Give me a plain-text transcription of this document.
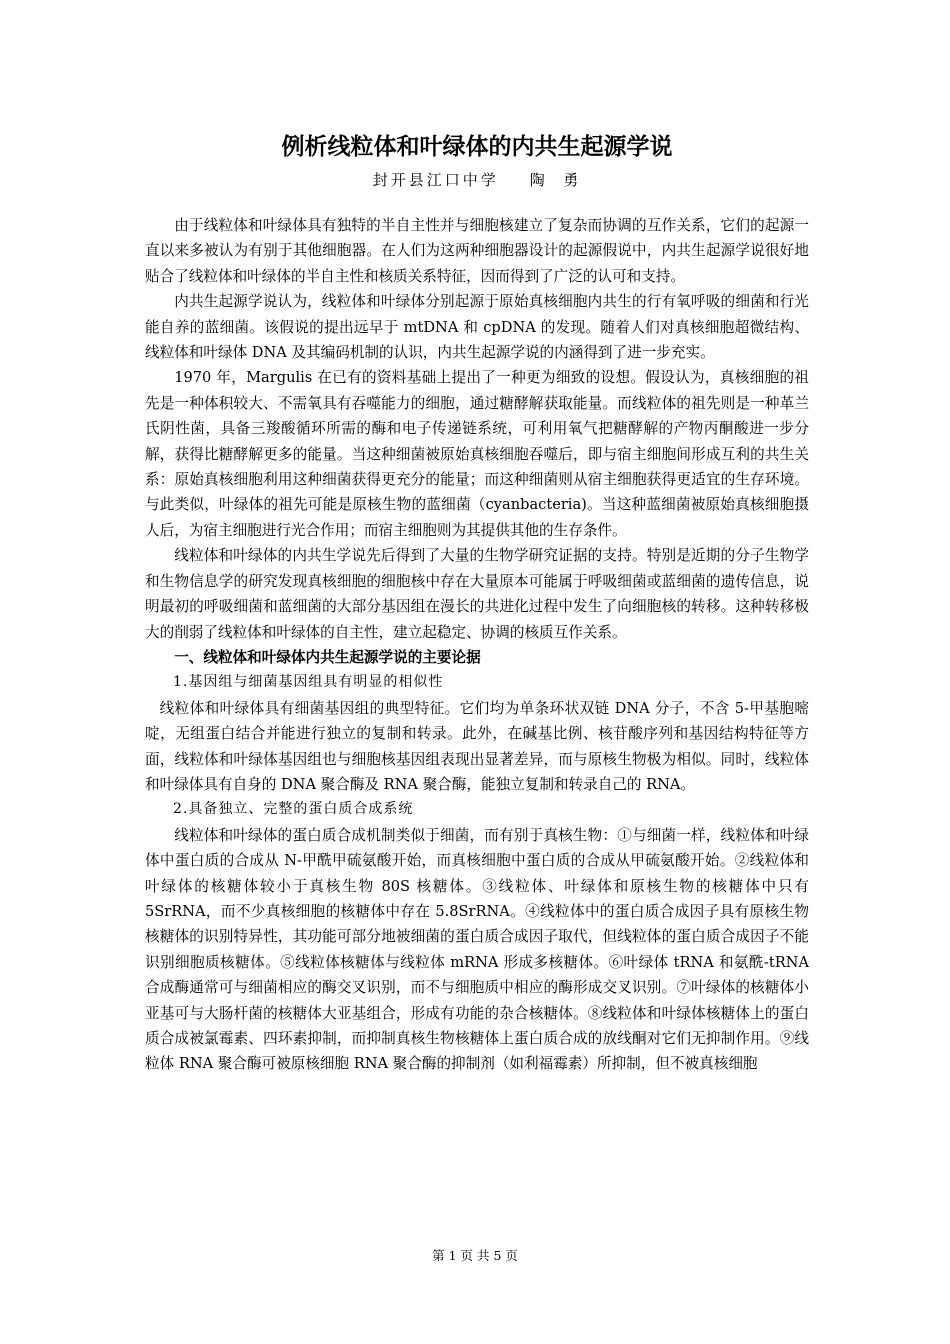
例析线粒体和叶绿体的内共生起源学说
封开县江口中学    陶  勇

由于线粒体和叶绿体具有独特的半自主性并与细胞核建立了复杂而协调的互作关系，它们的起源一直以来多被认为有别于其他细胞器。在人们为这两种细胞器设计的起源假说中，内共生起源学说很好地贴合了线粒体和叶绿体的半自主性和核质关系特征，因而得到了广泛的认可和支持。

内共生起源学说认为，线粒体和叶绿体分别起源于原始真核细胞内共生的行有氧呼吸的细菌和行光能自养的蓝细菌。该假说的提出远早于 mtDNA 和 cpDNA 的发现。随着人们对真核细胞超微结构、线粒体和叶绿体 DNA 及其编码机制的认识，内共生起源学说的内涵得到了进一步充实。

1970 年，Margulis 在已有的资料基础上提出了一种更为细致的设想。假设认为，真核细胞的祖先是一种体积较大、不需氧具有吞噬能力的细胞，通过糖酵解获取能量。而线粒体的祖先则是一种革兰氏阴性菌，具备三羧酸循环所需的酶和电子传递链系统，可利用氧气把糖酵解的产物丙酮酸进一步分解，获得比糖酵解更多的能量。当这种细菌被原始真核细胞吞噬后，即与宿主细胞间形成互利的共生关系：原始真核细胞利用这种细菌获得更充分的能量；而这种细菌则从宿主细胞获得更适宜的生存环境。与此类似，叶绿体的祖先可能是原核生物的蓝细菌（cyanbacteria)。当这种蓝细菌被原始真核细胞摄人后，为宿主细胞进行光合作用；而宿主细胞则为其提供其他的生存条件。

线粒体和叶绿体的内共生学说先后得到了大量的生物学研究证据的支持。特别是近期的分子生物学和生物信息学的研究发现真核细胞的细胞核中存在大量原本可能属于呼吸细菌或蓝细菌的遗传信息，说明最初的呼吸细菌和蓝细菌的大部分基因组在漫长的共进化过程中发生了向细胞核的转移。这种转移极大的削弱了线粒体和叶绿体的自主性，建立起稳定、协调的核质互作关系。

一、线粒体和叶绿体内共生起源学说的主要论据
1.基因组与细菌基因组具有明显的相似性

线粒体和叶绿体具有细菌基因组的典型特征。它们均为单条环状双链 DNA 分子，不含 5-甲基胞嘧啶，无组蛋白结合并能进行独立的复制和转录。此外，在碱基比例、核苷酸序列和基因结构特征等方面，线粒体和叶绿体基因组也与细胞核基因组表现出显著差异，而与原核生物极为相似。同时，线粒体和叶绿体具有自身的 DNA 聚合酶及 RNA 聚合酶，能独立复制和转录自己的 RNA。

2.具备独立、完整的蛋白质合成系统

线粒体和叶绿体的蛋白质合成机制类似于细菌，而有别于真核生物：①与细菌一样，线粒体和叶绿体中蛋白质的合成从 N-甲酰甲硫氨酸开始，而真核细胞中蛋白质的合成从甲硫氨酸开始。②线粒体和叶绿体的核糖体较小于真核生物 80S 核糖体。③线粒体、叶绿体和原核生物的核糖体中只有 5SrRNA，而不少真核细胞的核糖体中存在 5.8SrRNA。④线粒体中的蛋白质合成因子具有原核生物核糖体的识别特异性，其功能可部分地被细菌的蛋白质合成因子取代，但线粒体的蛋白质合成因子不能识别细胞质核糖体。⑤线粒体核糖体与线粒体 mRNA 形成多核糖体。⑥叶绿体 tRNA 和氨酰-tRNA 合成酶通常可与细菌相应的酶交叉识别，而不与细胞质中相应的酶形成交叉识别。⑦叶绿体的核糖体小亚基可与大肠杆菌的核糖体大亚基组合，形成有功能的杂合核糖体。⑧线粒体和叶绿体核糖体上的蛋白质合成被氯霉素、四环素抑制，而抑制真核生物核糖体上蛋白质合成的放线酮对它们无抑制作用。⑨线粒体 RNA 聚合酶可被原核细胞 RNA 聚合酶的抑制剂（如利福霉素）所抑制，但不被真核细胞

第 1 页 共 5 页
